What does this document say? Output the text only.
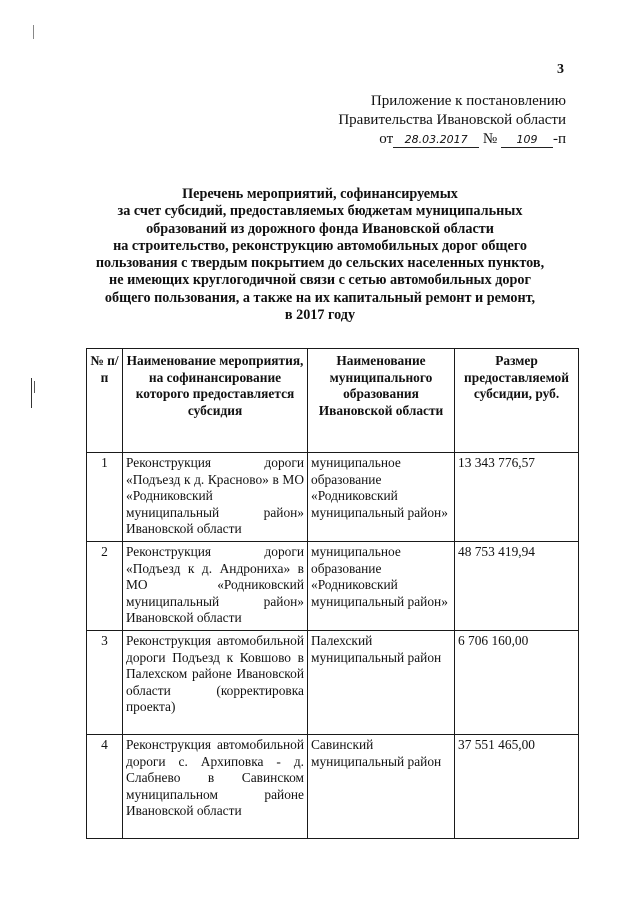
3
Приложение к постановлению
Правительства Ивановской области
от 28.03.2017 № 109 -п
Перечень мероприятий, софинансируемых
за счет субсидий, предоставляемых бюджетам муниципальных
образований из дорожного фонда Ивановской области
на строительство, реконструкцию автомобильных дорог общего
пользования с твердым покрытием до сельских населенных пунктов,
не имеющих круглогодичной связи с сетью автомобильных дорог
общего пользования, а также на их капитальный ремонт и ремонт,
в 2017 году
№ п/п	Наименование мероприятия, на софинансирование которого предоставляется субсидия	Наименование муниципального образования Ивановской области	Размер предоставляемой субсидии, руб.
1	Реконструкция дороги «Подъезд к д. Красново» в МО «Родниковский муниципальный район» Ивановской области	муниципальное образование «Родниковский муниципальный район»	13 343 776,57
2	Реконструкция дороги «Подъезд к д. Андрониха» в МО «Родниковский муниципальный район» Ивановской области	муниципальное образование «Родниковский муниципальный район»	48 753 419,94
3	Реконструкция автомобильной дороги Подъезд к Ковшово в Палехском районе Ивановской области (корректировка проекта)	Палехский муниципальный район	6 706 160,00
4	Реконструкция автомобильной дороги с. Архиповка - д. Слабнево в Савинском муниципальном районе Ивановской области	Савинский муниципальный район	37 551 465,00
